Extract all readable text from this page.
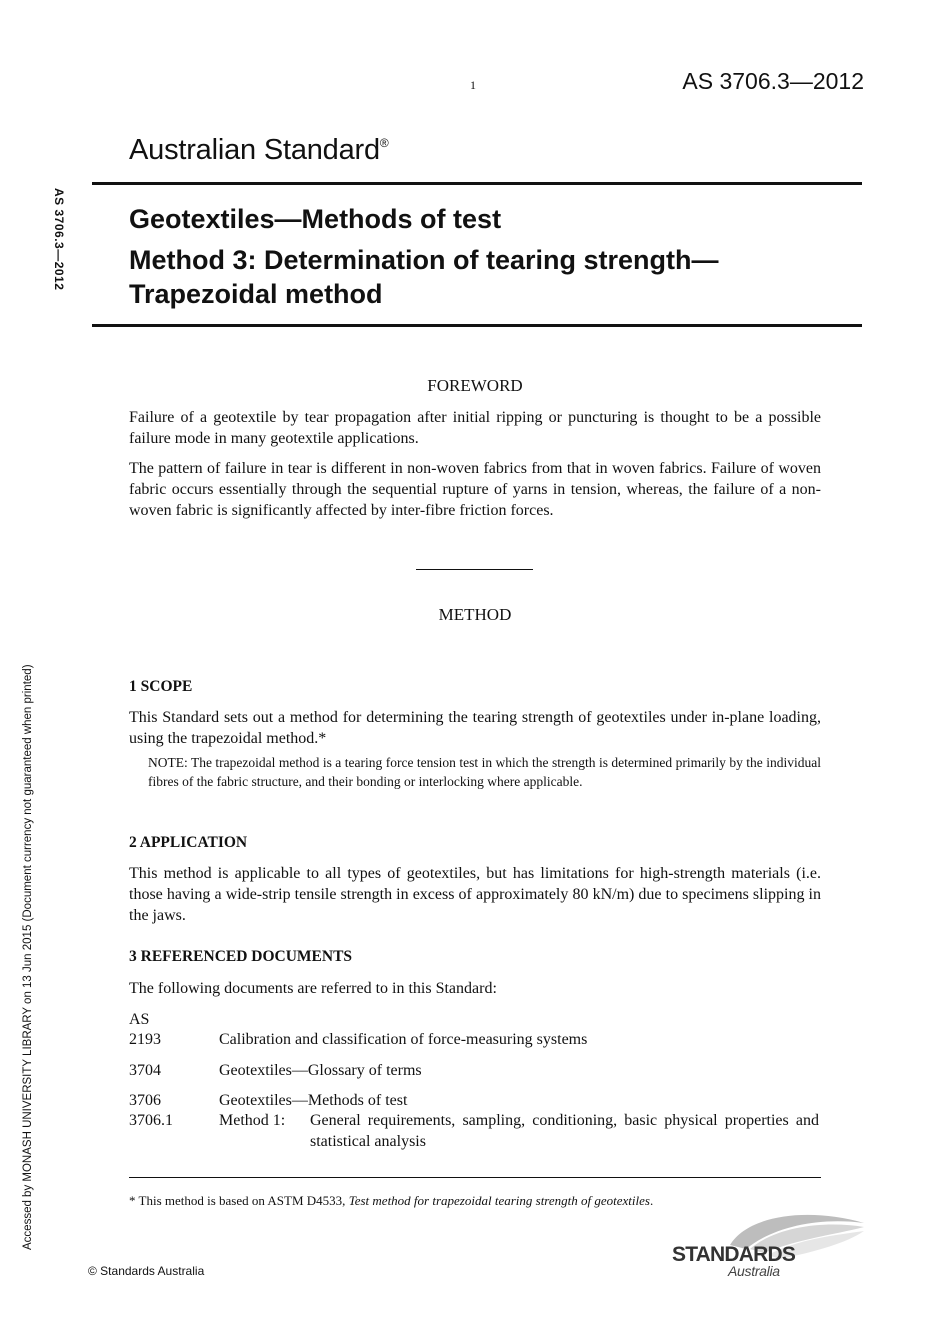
1	AS 3706.3—2012
Australian Standard®
AS 3706.3—2012
Accessed by MONASH UNIVERSITY LIBRARY on 13 Jun 2015 (Document currency not guaranteed when printed)
Geotextiles—Methods of test
Method 3: Determination of tearing strength—
Trapezoidal method
FOREWORD
Failure of a geotextile by tear propagation after initial ripping or puncturing is thought to be a possible failure mode in many geotextile applications.
The pattern of failure in tear is different in non-woven fabrics from that in woven fabrics. Failure of woven fabric occurs essentially through the sequential rupture of yarns in tension, whereas, the failure of a non-woven fabric is significantly affected by inter-fibre friction forces.
METHOD
1 SCOPE
This Standard sets out a method for determining the tearing strength of geotextiles under in-plane loading, using the trapezoidal method.*
NOTE: The trapezoidal method is a tearing force tension test in which the strength is determined primarily by the individual fibres of the fabric structure, and their bonding or interlocking where applicable.
2 APPLICATION
This method is applicable to all types of geotextiles, but has limitations for high-strength materials (i.e. those having a wide-strip tensile strength in excess of approximately 80 kN/m) due to specimens slipping in the jaws.
3 REFERENCED DOCUMENTS
The following documents are referred to in this Standard:
AS
2193	Calibration and classification of force-measuring systems
3704	Geotextiles—Glossary of terms
3706	Geotextiles—Methods of test
3706.1	Method 1: General requirements, sampling, conditioning, basic physical properties and statistical analysis
* This method is based on ASTM D4533, Test method for trapezoidal tearing strength of geotextiles.
© Standards Australia
STANDARDS
Australia
